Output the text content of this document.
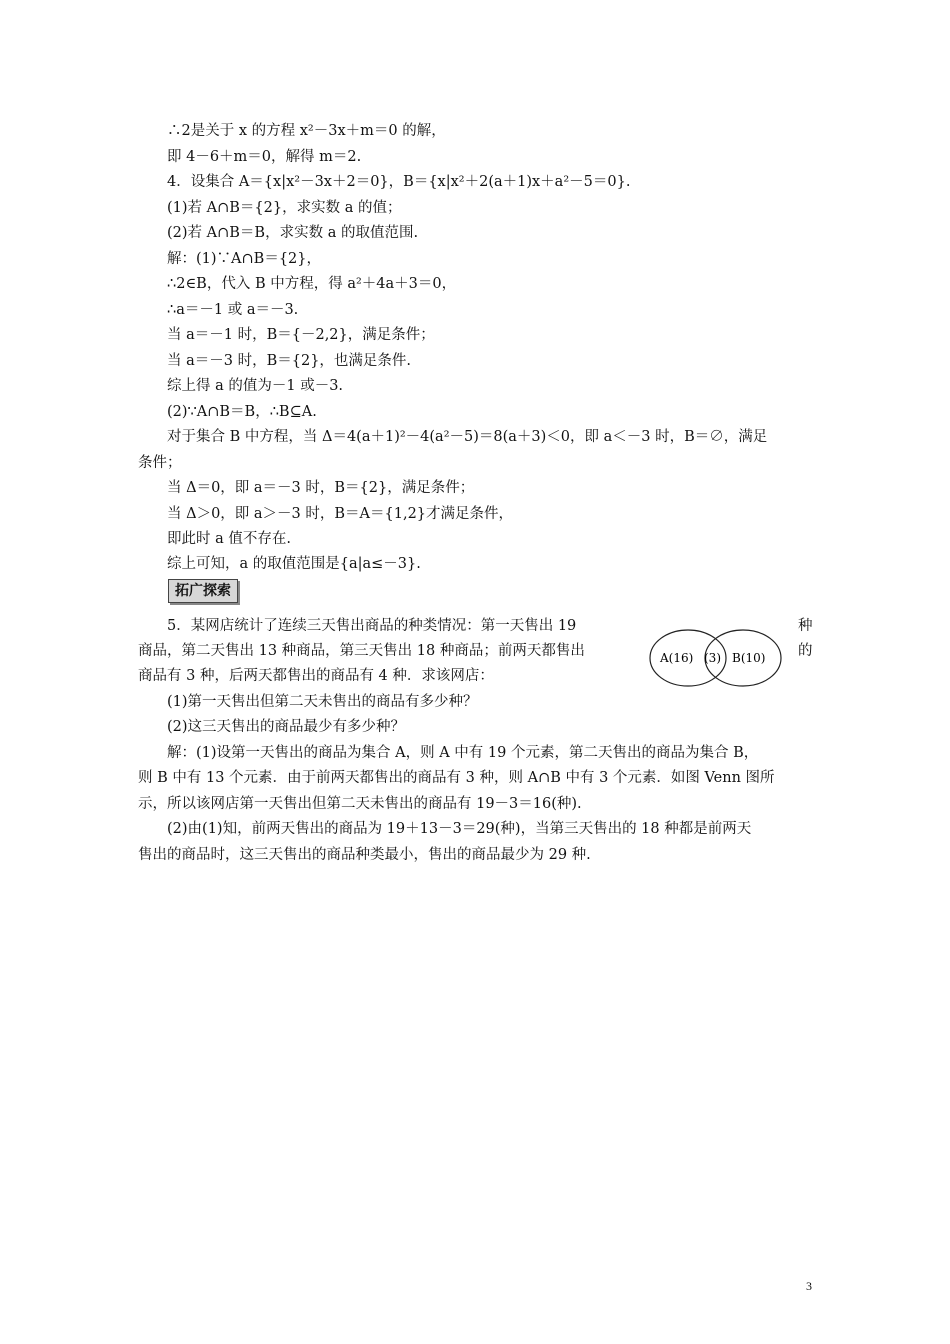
∴2是关于 x 的方程 x²－3x＋m＝0 的解，
即 4－6＋m＝0，解得 m＝2.
4．设集合 A＝{x|x²－3x＋2＝0}，B＝{x|x²＋2(a＋1)x＋a²－5＝0}.
(1)若 A∩B＝{2}，求实数 a 的值；
(2)若 A∩B＝B，求实数 a 的取值范围.
解：(1)∵A∩B＝{2}，
∴2∈B，代入 B 中方程，得 a²＋4a＋3＝0，
∴a＝－1 或 a＝－3.
当 a＝－1 时，B＝{－2,2}，满足条件；
当 a＝－3 时，B＝{2}，也满足条件.
综上得 a 的值为－1 或－3.
(2)∵A∩B＝B，∴B⊆A.
对于集合 B 中方程，当 Δ＝4(a＋1)²－4(a²－5)＝8(a＋3)＜0，即 a＜－3 时，B＝∅，满足
条件；
当 Δ＝0，即 a＝－3 时，B＝{2}，满足条件；
当 Δ＞0，即 a＞－3 时，B＝A＝{1,2}才满足条件，
即此时 a 值不存在.
综上可知，a 的取值范围是{a|a≤－3}.
拓广探索
5．某网店统计了连续三天售出商品的种类情况：第一天售出 19	种
商品，第二天售出 13 种商品，第三天售出 18 种商品；前两天都售出	的
商品有 3 种，后两天都售出的商品有 4 种．求该网店：
A(16) (3) B(10)
(1)第一天售出但第二天未售出的商品有多少种？
(2)这三天售出的商品最少有多少种？
解：(1)设第一天售出的商品为集合 A，则 A 中有 19 个元素，第二天售出的商品为集合 B，
则 B 中有 13 个元素．由于前两天都售出的商品有 3 种，则 A∩B 中有 3 个元素．如图 Venn 图所
示，所以该网店第一天售出但第二天未售出的商品有 19－3＝16(种).
(2)由(1)知，前两天售出的商品为 19＋13－3＝29(种)，当第三天售出的 18 种都是前两天
售出的商品时，这三天售出的商品种类最小，售出的商品最少为 29 种.
3
